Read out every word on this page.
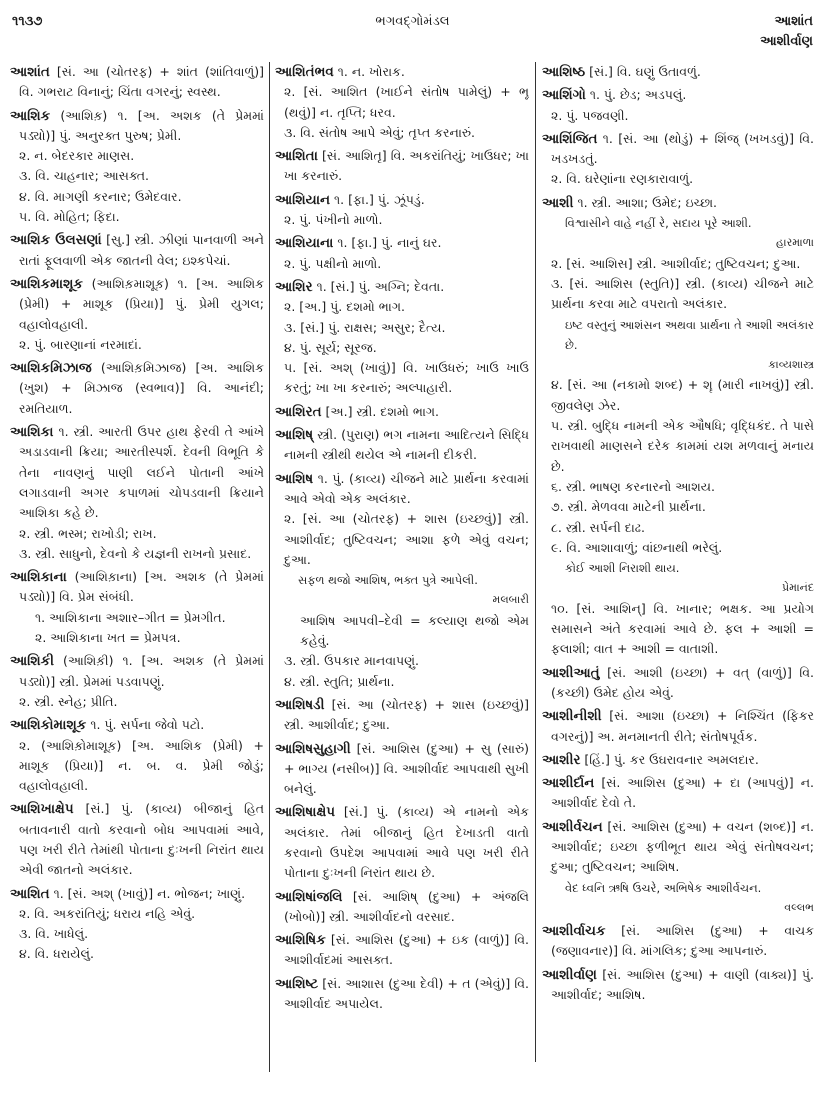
૧૧૩૭	ભગવદ્ગોમંડલ	આશાંત
આશીર્વાણ
આશાંત [સં. આ (ચોતરફ) + શાંત (શાંતિવાળું)] વિ. ગભરાટ વિનાનું; ચિંતા વગરનું; સ્વસ્થ.
આશિક (આશિક઼) ૧. [અ. અશક (તે પ્રેમમાં પડ્યો)] પું. અનુરક્ત પુરુષ; પ્રેમી.
૨. ન. બેદરકાર માણસ.
૩. વિ. ચાહનાર; આસક્ત.
૪. વિ. માગણી કરનાર; ઉમેદવાર.
૫. વિ. મોહિત; ફિદા.
આશિક ઉલસણાં [સુ.] સ્ત્રી. ઝીણાં પાનવાળી અને રાતાં ફૂલવાળી એક જાતની વેલ; ઇશ્કપેચાં.
આશિકમાશૂક (આશિક઼માશૂક઼) ૧. [અ. આશિક (પ્રેમી) + માશૂક (પ્રિયા)] પું. પ્રેમી યુગલ; વહાલોવહાલી.
૨. પું. બારણાનાં નરમાદાં.
આશિકમિઝાજ (આશિક઼મિઝાજ) [અ. આશિક (ખુશ) + મિઝાજ (સ્વભાવ)] વિ. આનંદી; રમતિયાળ.
આશિકા ૧. સ્ત્રી. આરતી ઉપર હાથ ફેરવી તે આંખે અડાડવાની ક્રિયા; આરતીસ્પર્શ. દેવની વિભૂતિ કે તેના નાવણનું પાણી લઈને પોતાની આંખે લગાડવાની અગર કપાળમાં ચોપડવાની ક્રિયાને આશિકા કહે છે.
૨. સ્ત્રી. ભસ્મ; રાખોડી; રાખ.
૩. સ્ત્રી. સાધુનો, દેવનો કે યજ્ઞની રાખનો પ્રસાદ.
આશિકાના (આશિક઼ાના) [અ. અશક (તે પ્રેમમાં પડ્યો)] વિ. પ્રેમ સંબંધી.
૧. આશિકાના અશાર–ગીત = પ્રેમગીત.
૨. આશિકાના ખત = પ્રેમપત્ર.
આશિકી (આશિક઼ી) ૧. [અ. અશક (તે પ્રેમમાં પડ્યો)] સ્ત્રી. પ્રેમમાં પડવાપણું.
૨. સ્ત્રી. સ્નેહ; પ્રીતિ.
આશિકોમાશૂક ૧. પું. સર્પના જેવો પટો.
૨. (આશિક઼ોમાશૂક઼) [અ. આશિક (પ્રેમી) + માશૂક (પ્રિયા)] ન. બ. વ. પ્રેમી જોડું; વહાલોવહાલી.
આશિખાક્ષેપ [સં.] પું. (કાવ્ય) બીજાનું હિત બતાવનારી વાતો કરવાનો બોધ આપવામાં આવે, પણ ખરી રીતે તેમાંથી પોતાના દુઃખની નિરાંત થાય એવી જાતનો અલંકાર.
આશિત ૧. [સં. અશ્ (ખાવું)] ન. ભોજન; ખાણું.
૨. વિ. અકરાંતિયું; ધરાય નહિ એવું.
૩. વિ. ખાધેલું.
૪. વિ. ધરાયેલું.
આશિતંભવ ૧. ન. ખોરાક.
૨. [સં. આશિત (ખાઈને સંતોષ પામેલું) + ભૂ (થવું)] ન. તૃપ્તિ; ધરવ.
૩. વિ. સંતોષ આપે એવું; તૃપ્ત કરનારું.
આશિતા [સં. આશિતૃ] વિ. અકરાંતિયું; ખાઉધર; ખા ખા કરનારું.
આશિયાન ૧. [ફા.] પું. ઝૂંપડું.
૨. પું. પંખીનો માળો.
આશિયાના ૧. [ફા.] પું. નાનું ઘર.
૨. પું. પક્ષીનો માળો.
આશિર ૧. [સં.] પું. અગ્નિ; દેવતા.
૨. [અ.] પું. દશમો ભાગ.
૩. [સં.] પું. રાક્ષસ; અસુર; દૈત્ય.
૪. પું. સૂર્ય; સૂરજ.
૫. [સં. અશ્ (ખાવું)] વિ. ખાઉધરું; ખાઉ ખાઉ કરતું; ખા ખા કરનારું; અલ્પાહારી.
આશિરત [અ.] સ્ત્રી. દશમો ભાગ.
આશિષ્ સ્ત્રી. (પુરાણ) ભગ નામના આદિત્યને સિદ્ધિ નામની સ્ત્રીથી થયેલ એ નામની દીકરી.
આશિષ ૧. પું. (કાવ્ય) ચીજને માટે પ્રાર્થના કરવામાં આવે એવો એક અલંકાર.
૨. [સં. આ (ચોતરફ) + શાસ (ઇચ્છવું)] સ્ત્રી. આશીર્વાદ; તુષ્ટિવચન; આશા ફળે એવું વચન; દુઆ.
સફળ થજો આશિષ, ભક્ત પુત્રે આપેલી.
મલબારી
આશિષ આપવી–દેવી = કલ્યાણ થજો એમ કહેવું.
૩. સ્ત્રી. ઉપકાર માનવાપણું.
૪. સ્ત્રી. સ્તુતિ; પ્રાર્થના.
આશિષડી [સં. આ (ચોતરફ) + શાસ (ઇચ્છવું)] સ્ત્રી. આશીર્વાદ; દુઆ.
આશિષસુહાગી [સં. આશિસ (દુઆ) + સુ (સારું) + ભાગ્ય (નસીબ)] વિ. આશીર્વાદ આપવાથી સુખી બનેલું.
આશિષાક્ષેપ [સં.] પું. (કાવ્ય) એ નામનો એક અલંકાર. તેમાં બીજાનું હિત દેખાડતી વાતો કરવાનો ઉપદેશ આપવામાં આવે પણ ખરી રીતે પોતાના દુઃખની નિરાંત થાય છે.
આશિષાંજલિ [સં. આશિષ્ (દુઆ) + અંજલિ (ખોબો)] સ્ત્રી. આશીર્વાદનો વરસાદ.
આશિષિક [સં. આશિસ (દુઆ) + ઇક (વાળું)] વિ. આશીર્વાદમાં આસક્ત.
આશિષ્ટ [સં. આશાસ (દુઆ દેવી) + ત (એવું)] વિ. આશીર્વાદ અપાયેલ.
આશિષ્ઠ [સં.] વિ. ઘણું ઉતાવળું.
આશિંગો ૧. પું. છેડ; અડપલું.
૨. પું. પજવણી.
આશિંજિત ૧. [સં. આ (થોડું) + શિંજ્ (ખખડવું)] વિ. ખડખડતું.
૨. વિ. ઘરેણાંના રણકારાવાળું.
આશી ૧. સ્ત્રી. આશા; ઉમેદ; ઇચ્છા.
વિશ્વાસીને વાહે નહીં રે, સદાય પૂરે આશી.
હારમાળા
૨. [સં. આશિસ] સ્ત્રી. આશીર્વાદ; તુષ્ટિવચન; દુઆ.
૩. [સં. આશિસ (સ્તુતિ)] સ્ત્રી. (કાવ્ય) ચીજને માટે પ્રાર્થના કરવા માટે વપરાતો અલંકાર.
ઇષ્ટ વસ્તુનું આશંસન અથવા પ્રાર્થના તે આશી અલંકાર છે.
કાવ્યશાસ્ત્ર
૪. [સં. આ (નકામો શબ્દ) + શૄ (મારી નાખવું)] સ્ત્રી. જીવલેણ ઝેર.
૫. સ્ત્રી. બુદ્ધિ નામની એક ઔષધિ; વૃદ્ધિકંદ. તે પાસે રાખવાથી માણસને દરેક કામમાં યશ મળવાનું મનાય છે.
૬. સ્ત્રી. ભાષણ કરનારનો આશય.
૭. સ્ત્રી. મેળવવા માટેની પ્રાર્થના.
૮. સ્ત્રી. સર્પની દાઢ.
૯. વિ. આશાવાળું; વાંછનાથી ભરેલું.
કોઈ આશી નિરાશી થાય.
પ્રેમાનંદ
૧૦. [સં. આશિન્] વિ. ખાનાર; ભક્ષક. આ પ્રયોગ સમાસને અંતે કરવામાં આવે છે. ફલ + આશી = ફલાશી; વાત + આશી = વાતાશી.
આશીઆતું [સં. આશી (ઇચ્છા) + વત્ (વાળું)] વિ. (કચ્છી) ઉમેદ હોય એવું.
આશીનીશી [સં. આશા (ઇચ્છા) + નિશ્ચિંત (ફિકર વગરનું)] અ. મનમાનતી રીતે; સંતોષપૂર્વક.
આશીર [હિં.] પું. કર ઉઘરાવનાર અમલદાર.
આશીર્દાન [સં. આશિસ (દુઆ) + દા (આપવું)] ન. આશીર્વાદ દેવો તે.
આશીર્વચન [સં. આશિસ (દુઆ) + વચન (શબ્દ)] ન. આશીર્વાદ; ઇચ્છા ફળીભૂત થાય એવું સંતોષવચન; દુઆ; તુષ્ટિવચન; આશિષ.
વેદ ધ્વનિ ઋષિ ઉચરે, અભિષેક આશીર્વચન.
વલ્લભ
આશીર્વાચક [સં. આશિસ (દુઆ) + વાચક (જણાવનાર)] વિ. માંગલિક; દુઆ આપનારું.
આશીર્વાણ [સં. આશિસ (દુઆ) + વાણી (વાક્ય)] પું. આશીર્વાદ; આશિષ.
